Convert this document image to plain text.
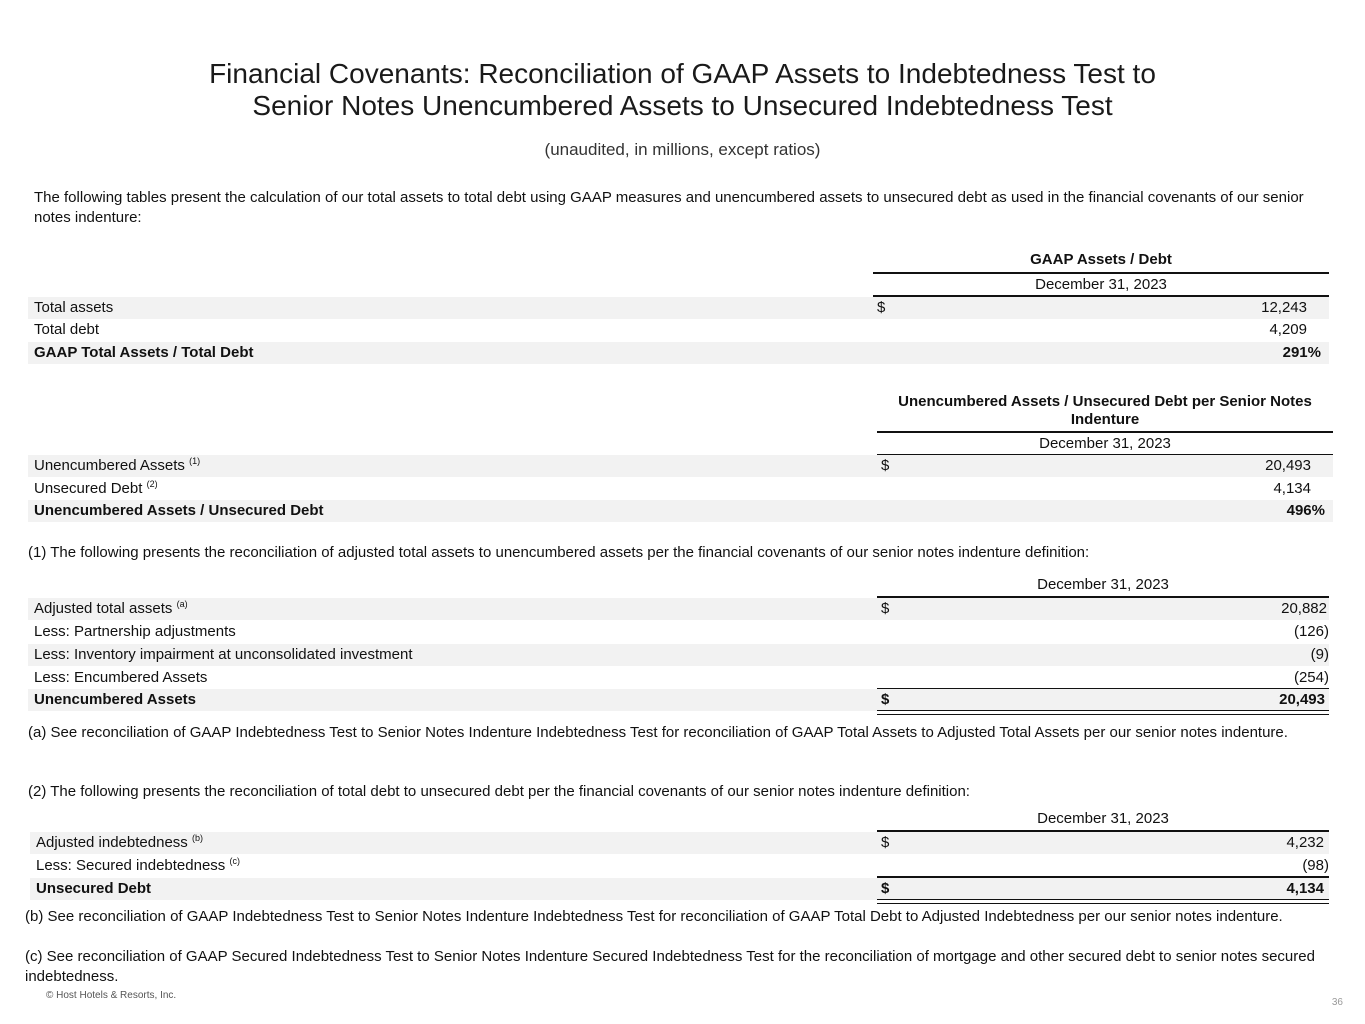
Financial Covenants: Reconciliation of GAAP Assets to Indebtedness Test to
Senior Notes Unencumbered Assets to Unsecured Indebtedness Test
(unaudited, in millions, except ratios)
The following tables present the calculation of our total assets to total debt using GAAP measures and unencumbered assets to unsecured debt as used in the financial covenants of our senior notes indenture:
GAAP Assets / Debt
December 31, 2023
Total assets	$	12,243
Total debt	4,209
GAAP Total Assets / Total Debt	291%
Unencumbered Assets / Unsecured Debt per Senior Notes
Indenture
December 31, 2023
Unencumbered Assets $^{(1)}$	$	20,493
Unsecured Debt $^{(2)}$	4,134
Unencumbered Assets / Unsecured Debt	496%
(1) The following presents the reconciliation of adjusted total assets to unencumbered assets per the financial covenants of our senior notes indenture definition:
December 31, 2023
Adjusted total assets $^{(a)}$	$	20,882
Less: Partnership adjustments	(126)
Less: Inventory impairment at unconsolidated investment	(9)
Less: Encumbered Assets	(254)
Unencumbered Assets	$	20,493
(a) See reconciliation of GAAP Indebtedness Test to Senior Notes Indenture Indebtedness Test for reconciliation of GAAP Total Assets to Adjusted Total Assets per our senior notes indenture.
(2) The following presents the reconciliation of total debt to unsecured debt per the financial covenants of our senior notes indenture definition:
December 31, 2023
Adjusted indebtedness $^{(b)}$	$	4,232
Less: Secured indebtedness $^{(c)}$	(98)
Unsecured Debt	$	4,134
(b) See reconciliation of GAAP Indebtedness Test to Senior Notes Indenture Indebtedness Test for reconciliation of GAAP Total Debt to Adjusted Indebtedness per our senior notes indenture.
(c) See reconciliation of GAAP Secured Indebtedness Test to Senior Notes Indenture Secured Indebtedness Test for the reconciliation of mortgage and other secured debt to senior notes secured indebtedness.
© Host Hotels & Resorts, Inc.
36
